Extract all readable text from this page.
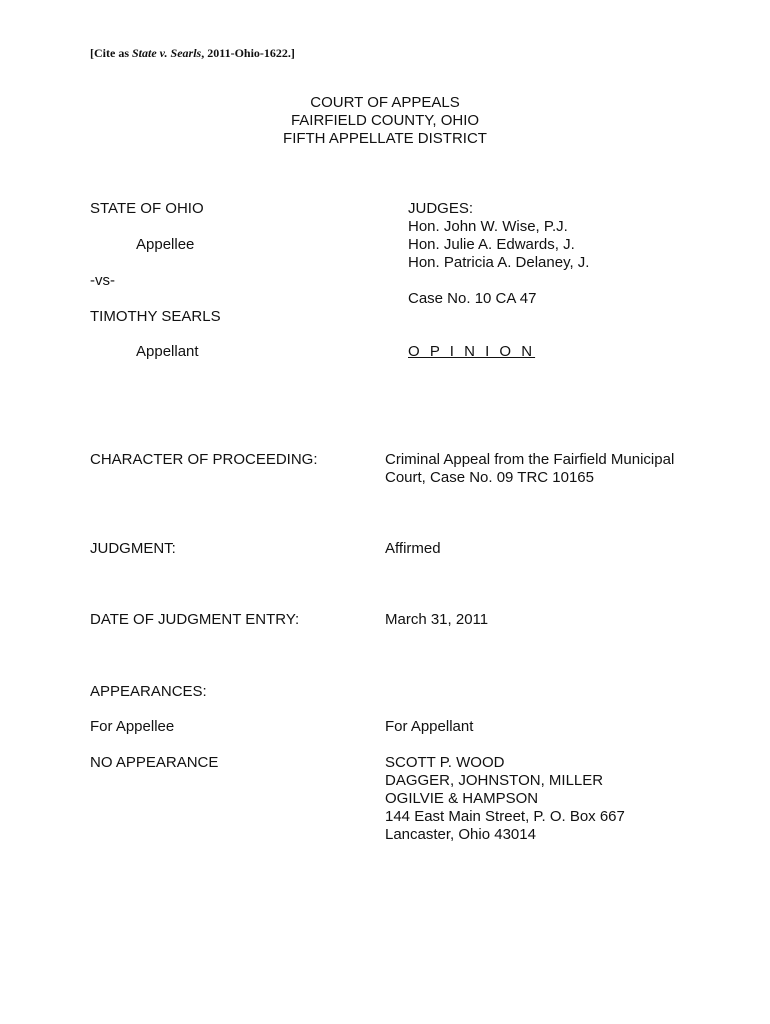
[Cite as State v. Searls, 2011-Ohio-1622.]
COURT OF APPEALS
FAIRFIELD COUNTY, OHIO
FIFTH APPELLATE DISTRICT
STATE OF OHIO
Appellee
-vs-
TIMOTHY SEARLS
Appellant
JUDGES:
Hon. John W. Wise, P.J.
Hon. Julie A. Edwards, J.
Hon. Patricia A. Delaney, J.
Case No. 10 CA 47
O P I N I O N
CHARACTER OF PROCEEDING:	Criminal Appeal from the Fairfield Municipal
Court, Case No. 09 TRC 10165
JUDGMENT:	Affirmed
DATE OF JUDGMENT ENTRY:	March 31, 2011
APPEARANCES:
For Appellee	For Appellant
NO APPEARANCE	SCOTT P. WOOD
DAGGER, JOHNSTON, MILLER
OGILVIE & HAMPSON
144 East Main Street, P. O. Box 667
Lancaster, Ohio 43014
